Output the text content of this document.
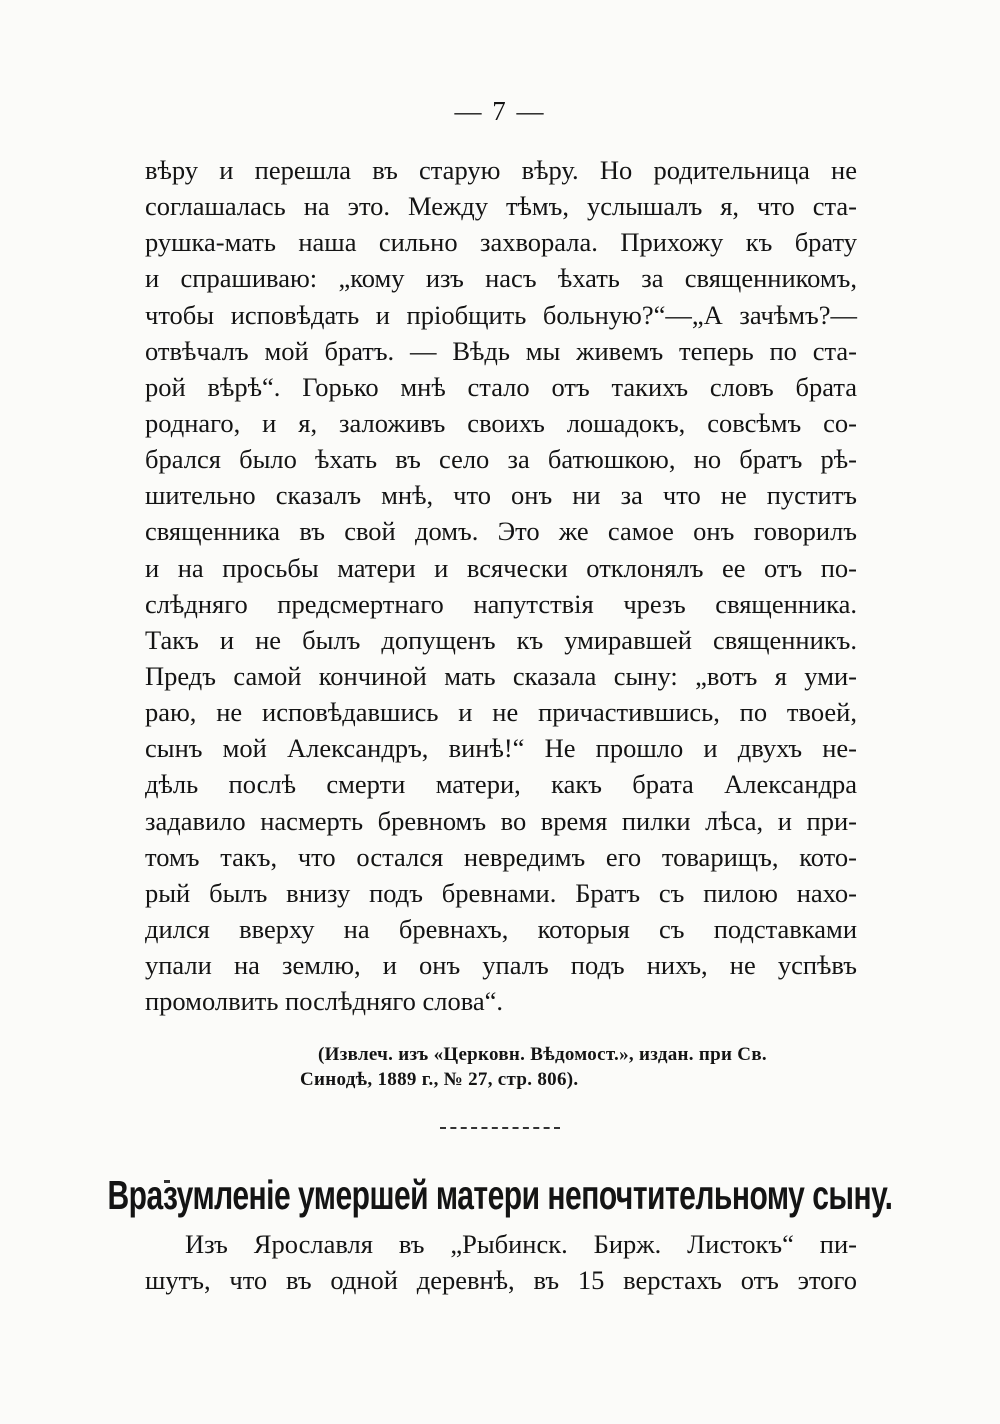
— 7 —
вѣру и перешла въ старую вѣру. Но родительница не
соглашалась на это. Между тѣмъ, услышалъ я, что ста-
рушка-мать наша сильно захворала. Прихожу къ брату
и спрашиваю: „кому изъ насъ ѣхать за священникомъ,
чтобы исповѣдать и пріобщить больную?“—„А зачѣмъ?—
отвѣчалъ мой братъ. — Вѣдь мы живемъ теперь по ста-
рой вѣрѣ“. Горько мнѣ стало отъ такихъ словъ брата
роднаго, и я, заложивъ своихъ лошадокъ, совсѣмъ со-
брался было ѣхать въ село за батюшкою, но братъ рѣ-
шительно сказалъ мнѣ, что онъ ни за что не пуститъ
священника въ свой домъ. Это же самое онъ говорилъ
и на просьбы матери и всячески отклонялъ ее отъ по-
слѣдняго предсмертнаго напутствія чрезъ священника.
Такъ и не былъ допущенъ къ умиравшей священникъ.
Предъ самой кончиной мать сказала сыну: „вотъ я уми-
раю, не исповѣдавшись и не причастившись, по твоей,
сынъ мой Александръ, винѣ!“ Не прошло и двухъ не-
дѣль послѣ смерти матери, какъ брата Александра
задавило насмерть бревномъ во время пилки лѣса, и при-
томъ такъ, что остался невредимъ его товарищъ, кото-
рый былъ внизу подъ бревнами. Братъ съ пилою нахо-
дился вверху на бревнахъ, которыя съ подставками
упали на землю, и онъ упалъ подъ нихъ, не успѣвъ
промолвить послѣдняго слова“.
(Извлеч. изъ «Церковн. Вѣдомост.», издан. при Св.
Синодѣ, 1889 г., № 27, стр. 806).
Вразумленіе умершей матери непочтительному сыну.
Изъ Ярославля въ „Рыбинск. Бирж. Листокъ“ пи-
шутъ, что въ одной деревнѣ, въ 15 верстахъ отъ этого
